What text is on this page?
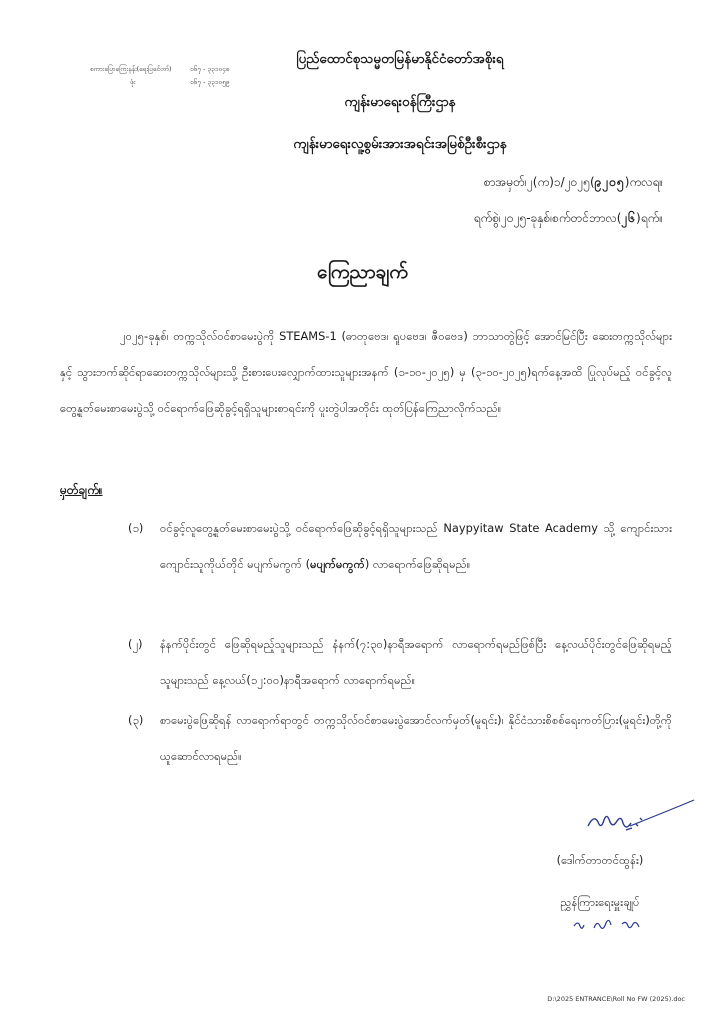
စကားပြောကြေးနန်း(ရေးပြင်ေတာ်)	၀၆၇ - ၃၃၁၀၄၈
ဖုံး	၀၆၇ - ၃၃၁၀၅၉
ပြည်ထောင်စုသမ္မတမြန်မာနိုင်ငံတော်အစိုးရ
ကျန်းမာရေးဝန်ကြီးဌာန
ကျန်းမာရေးလူ့စွမ်းအားအရင်းအမြစ်ဦးစီးဌာန
စာအမှတ်၊၂(က)၁/၂၀၂၅(၉၂၀၅)ကလရ။
ရက်စွဲ၊၂၀၂၅-ခုနှစ်၊စက်တင်ဘာလ(၂၆)ရက်။
ကြေညာချက်

၂၀၂၅-ခုနှစ်၊ တက္ကသိုလ်ဝင်စာမေးပွဲကို STEAMS-1 (ဓာတုဗေဒ၊ ရူပဗေဒ၊ ဇီဝဗေဒ) ဘာသာတွဲဖြင့် အောင်မြင်ပြီး ဆေးတက္ကသိုလ်များနှင့် သွားဘက်ဆိုင်ရာဆေးတက္ကသိုလ်များသို့ ဦးစားပေးလျှောက်ထားသူများအနက် (၁-၁၀-၂၀၂၅) မှ (၃-၁၀-၂၀၂၅)ရက်နေ့အထိ ပြုလုပ်မည့် ဝင်ခွင့်လူတွေ့နှုတ်မေးစာမေးပွဲသို့ ဝင်ရောက်ဖြေဆိုခွင့်ရရှိသူများစာရင်းကို ပူးတွဲပါအတိုင်း ထုတ်ပြန်ကြေညာလိုက်သည်။

မှတ်ချက်။
(၁)	ဝင်ခွင့်လူတွေ့နှုတ်မေးစာမေးပွဲသို့ ဝင်ရောက်ဖြေဆိုခွင့်ရရှိသူများသည် Naypyitaw State Academy သို့ ကျောင်းသားကျောင်းသူကိုယ်တိုင် မပျက်မကွက် (မပျက်မကွက်) လာရောက်ဖြေဆိုရမည်။
(၂)	နံနက်ပိုင်းတွင် ဖြေဆိုရမည့်သူများသည် နံနက်(၇:၃၀)နာရီအရောက် လာရောက်ရမည်ဖြစ်ပြီး နေ့လယ်ပိုင်းတွင်ဖြေဆိုရမည့်သူများသည် နေ့လယ်(၁၂:၀၀)နာရီအရောက် လာရောက်ရမည်။
(၃)	စာမေးပွဲဖြေဆိုရန် လာရောက်ရာတွင် တက္ကသိုလ်ဝင်စာမေးပွဲအောင်လက်မှတ်(မူရင်း)၊ နိုင်ငံသားစိစစ်ရေးကတ်ပြား(မူရင်း)တို့ကို ယူဆောင်လာရမည်။
(ဒေါက်တာတင်ထွန်း)
ညွှန်ကြားရေးမှူးချုပ်
D:\2025 ENTRANCE\Roll No FW (2025).doc
